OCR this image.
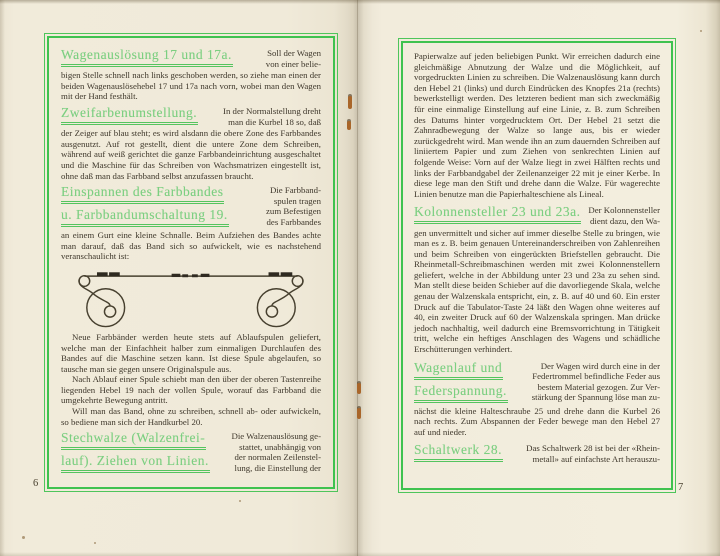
Wagenauslösung 17 und 17a.	Soll der Wagen
von einer belie-

bigen Stelle schnell nach links geschoben werden, so ziehe man einen der beiden Wagenauslösehebel 17 und 17a nach vorn, wobei man den Wagen mit der Hand festhält.

Zweifarbenumstellung.	In der Normalstellung dreht
man die Kurbel 18 so, daß

der Zeiger auf blau steht; es wird alsdann die obere Zone des Farbbandes ausgenutzt. Auf rot gestellt, dient die untere Zone dem Schreiben, während auf weiß gerichtet die ganze Farbbandeinrichtung ausgeschaltet und die Maschine für das Schreiben von Wachsmatrizen eingestellt ist, ohne daß man das Farbband selbst anzufassen braucht.

Einspannen des Farbbandes
u. Farbbandumschaltung 19.
Die Farbband-
spulen tragen
zum Befestigen
des Farbbandes

an einem Gurt eine kleine Schnalle. Beim Aufziehen des Bandes achte man darauf, daß das Band sich so aufwickelt, wie es nachstehend veranschaulicht ist:

Neue Farbbänder werden heute stets auf Ablaufspulen geliefert, welche man der Einfachheit halber zum einmaligen Durchlaufen des Bandes auf die Maschine setzen kann. Ist diese Spule abgelaufen, so tausche man sie gegen unsere Originalspule aus.

Nach Ablauf einer Spule schiebt man den über der oberen Tastenreihe liegenden Hebel 19 nach der vollen Spule, worauf das Farbband die umgekehrte Bewegung antritt.

Will man das Band, ohne zu schreiben, schnell ab- oder aufwickeln, so bediene man sich der Handkurbel 20.

Stechwalze (Walzenfrei-
lauf). Ziehen von Linien.
Die Walzenauslösung ge-
stattet, unabhängig von
der normalen Zeilenstel-
lung, die Einstellung der

Papierwalze auf jeden beliebigen Punkt. Wir erreichen dadurch eine gleichmäßige Abnutzung der Walze und die Möglichkeit, auf vorgedruckten Linien zu schreiben. Die Walzenauslösung kann durch den Hebel 21 (links) und durch Eindrücken des Knopfes 21a (rechts) bewerkstelligt werden. Des letzteren bedient man sich zweckmäßig für eine einmalige Einstellung auf eine Linie, z. B. zum Schreiben des Datums hinter vorgedrucktem Ort. Der Hebel 21 setzt die Zahnradbewegung der Walze so lange aus, bis er wieder zurückgedreht wird. Man wende ihn an zum dauernden Schreiben auf liniiertem Papier und zum Ziehen von senkrechten Linien auf folgende Weise: Vorn auf der Walze liegt in zwei Hälften rechts und links der Farbbandgabel der Zeilenanzeiger 22 mit je einer Kerbe. In diese lege man den Stift und drehe dann die Walze. Für wagerechte Linien benutze man die Papierhalteschiene als Lineal.

Kolonnensteller 23 und 23a. Der Kolonnensteller
dient dazu, den Wa-

gen unvermittelt und sicher auf immer dieselbe Stelle zu bringen, wie man es z. B. beim genauen Untereinanderschreiben von Zahlenreihen und beim Schreiben von eingerückten Briefstellen gebraucht. Die Rheinmetall-Schreibmaschinen werden mit zwei Kolonnenstellern geliefert, welche in der Abbildung unter 23 und 23a zu sehen sind. Man stellt diese beiden Schieber auf die davorliegende Skala, welche genau der Walzenskala entspricht, ein, z. B. auf 40 und 60. Ein erster Druck auf die Tabulator-Taste 24 läßt den Wagen ohne weiteres auf 40, ein zweiter Druck auf 60 der Walzenskala springen. Man drücke jedoch nachhaltig, weil dadurch eine Bremsvorrichtung in Tätigkeit tritt, welche ein heftiges Anschlagen des Wagens und schädliche Erschütterungen verhindert.

Wagenlauf und
Federspannung.
Der Wagen wird durch eine in der
Federtrommel befindliche Feder aus
bestem Material gezogen. Zur Ver-
stärkung der Spannung löse man zu-

nächst die kleine Halteschraube 25 und drehe dann die Kurbel 26 nach rechts. Zum Abspannen der Feder bewege man den Hebel 27 auf und nieder.

Schaltwerk 28.	Das Schaltwerk 28 ist bei der «Rhein-
metall» auf einfachste Art herauszu-
6	7
